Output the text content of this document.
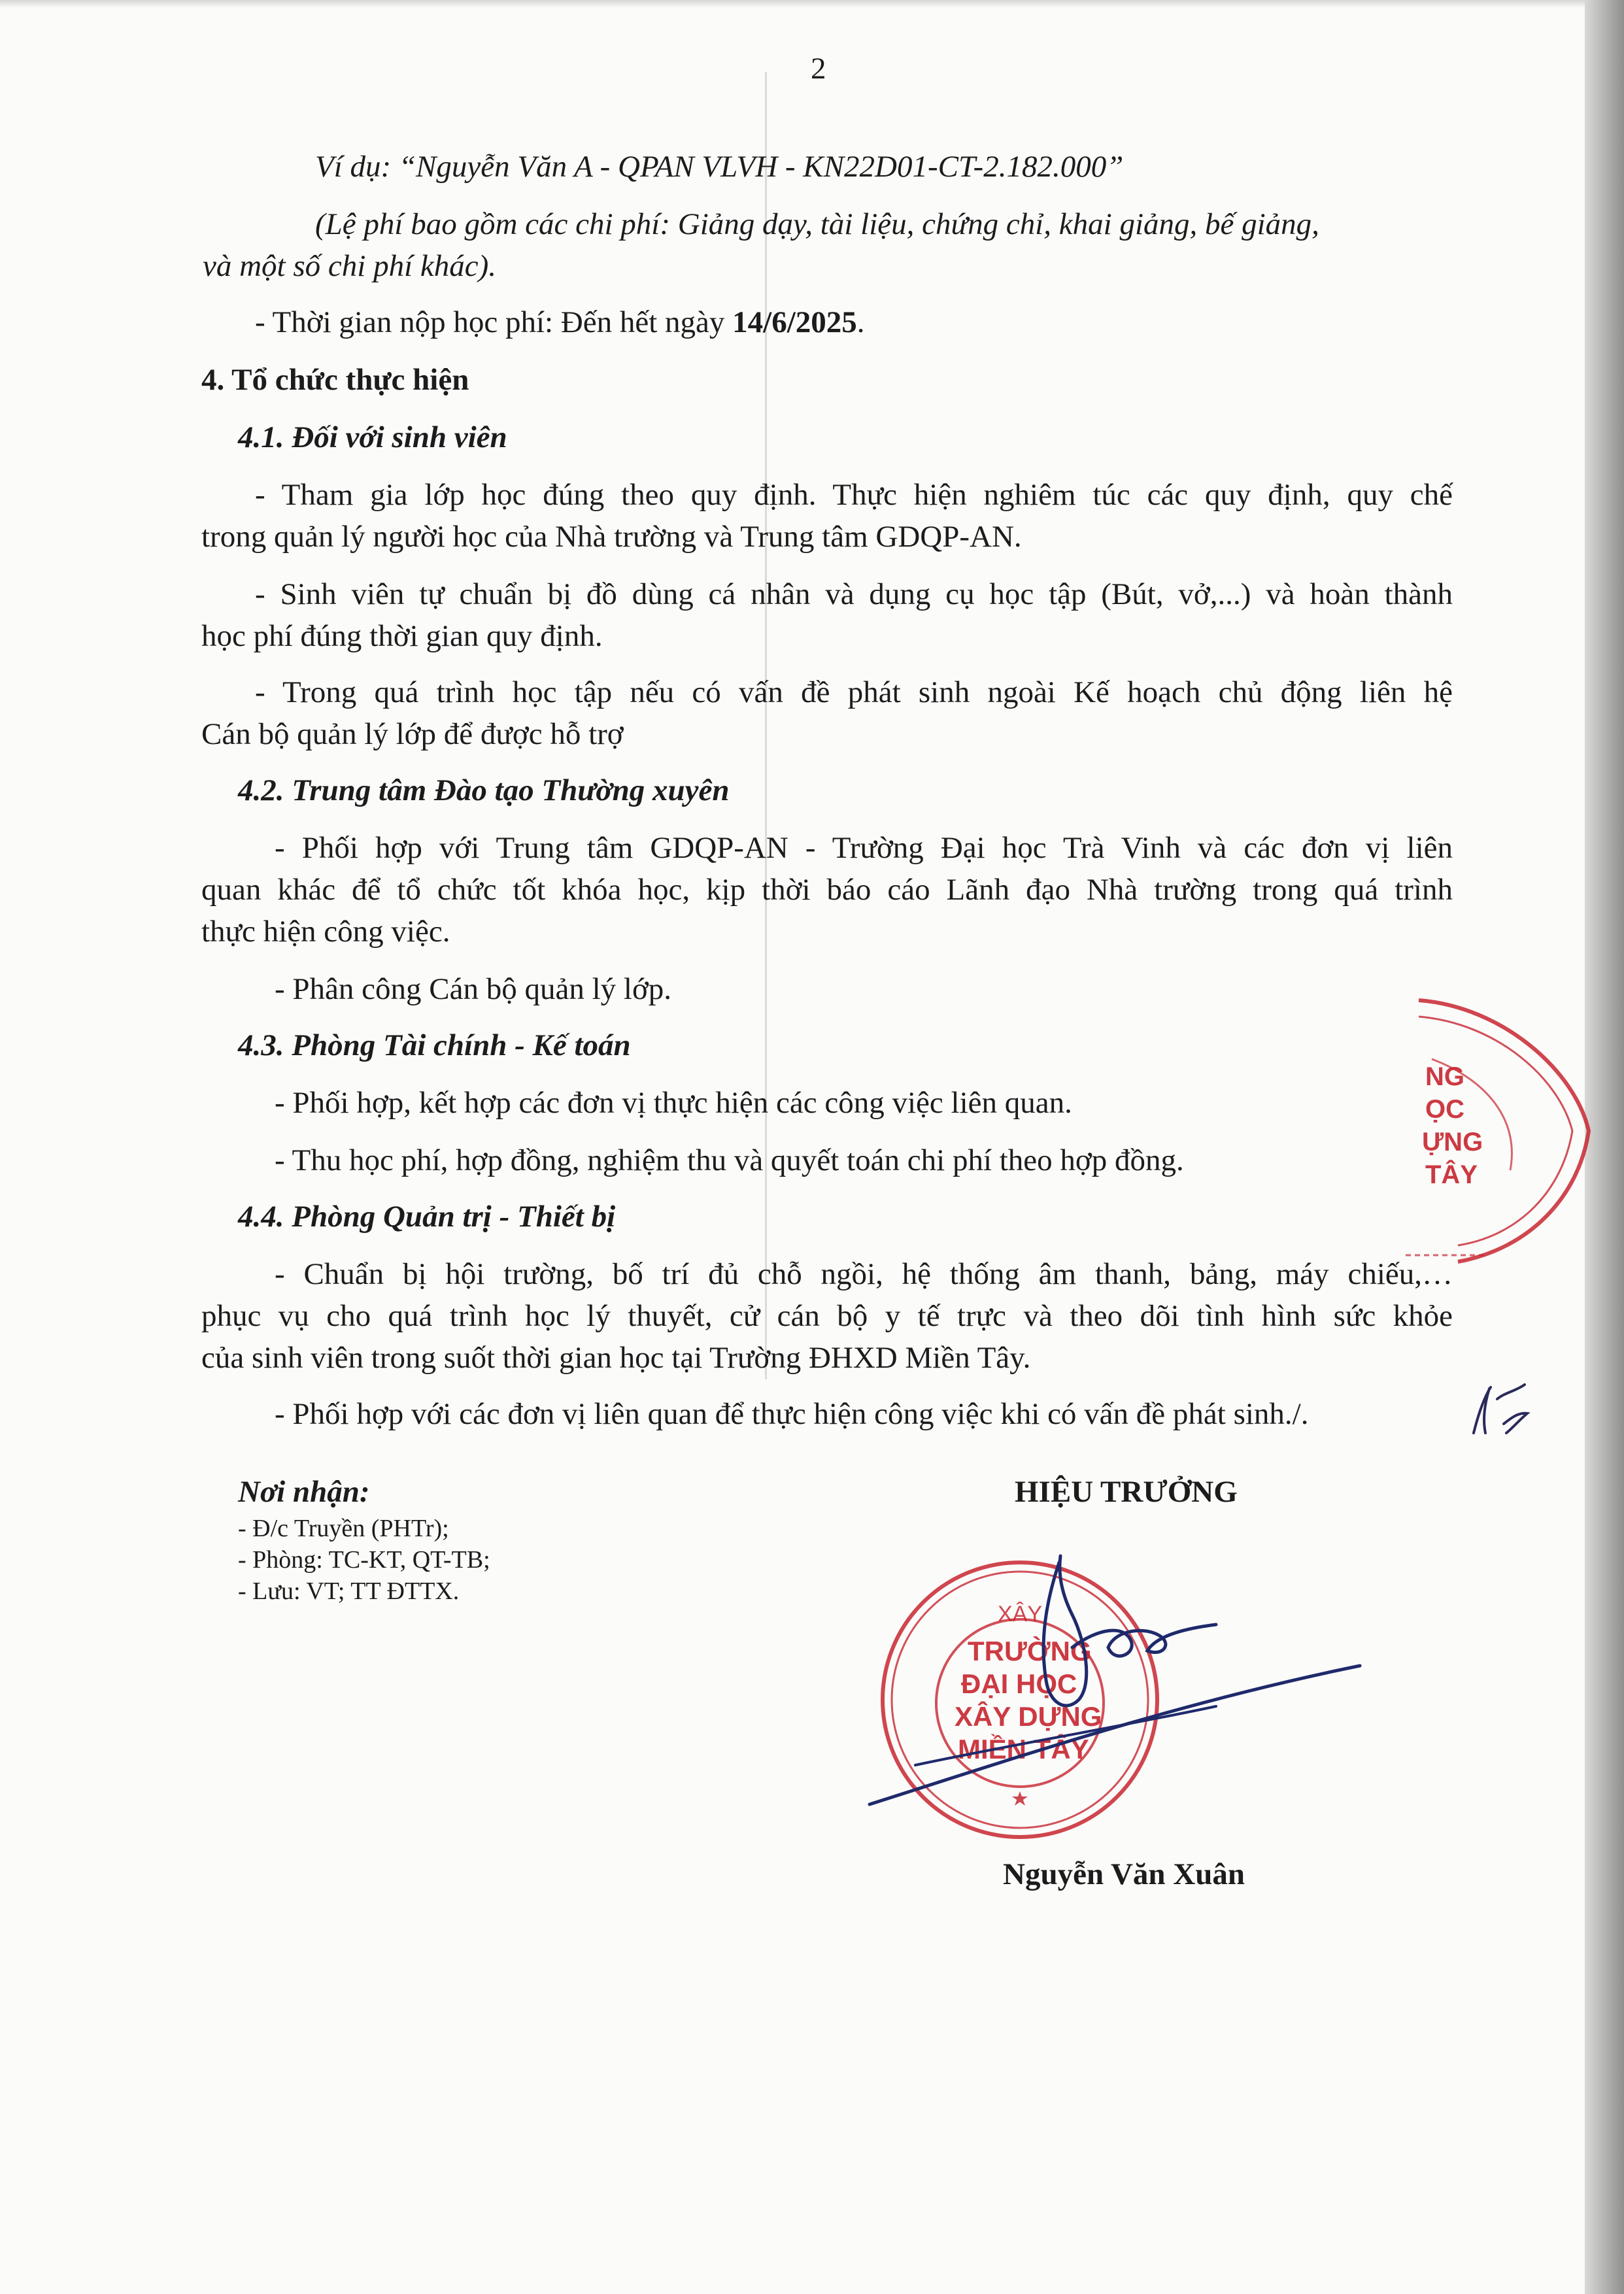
2
Ví dụ: “Nguyễn Văn A - QPAN VLVH - KN22D01-CT-2.182.000”
(Lệ phí bao gồm các chi phí: Giảng dạy, tài liệu, chứng chỉ, khai giảng, bế giảng,
và một số chi phí khác).
- Thời gian nộp học phí: Đến hết ngày 14/6/2025.
4. Tổ chức thực hiện
4.1. Đối với sinh viên
- Tham gia lớp học đúng theo quy định. Thực hiện nghiêm túc các quy định, quy chế
trong quản lý người học của Nhà trường và Trung tâm GDQP-AN.
- Sinh viên tự chuẩn bị đồ dùng cá nhân và dụng cụ học tập (Bút, vở,...) và hoàn thành
học phí đúng thời gian quy định.
- Trong quá trình học tập nếu có vấn đề phát sinh ngoài Kế hoạch chủ động liên hệ
Cán bộ quản lý lớp để được hỗ trợ
4.2. Trung tâm Đào tạo Thường xuyên
- Phối hợp với Trung tâm GDQP-AN - Trường Đại học Trà Vinh và các đơn vị liên
quan khác để tổ chức tốt khóa học, kịp thời báo cáo Lãnh đạo Nhà trường trong quá trình
thực hiện công việc.
- Phân công Cán bộ quản lý lớp.
4.3. Phòng Tài chính - Kế toán
- Phối hợp, kết hợp các đơn vị thực hiện các công việc liên quan.
- Thu học phí, hợp đồng, nghiệm thu và quyết toán chi phí theo hợp đồng.
4.4. Phòng Quản trị - Thiết bị
- Chuẩn bị hội trường, bố trí đủ chỗ ngồi, hệ thống âm thanh, bảng, máy chiếu,…
phục vụ cho quá trình học lý thuyết, cử cán bộ y tế trực và theo dõi tình hình sức khỏe
của sinh viên trong suốt thời gian học tại Trường ĐHXD Miền Tây.
- Phối hợp với các đơn vị liên quan để thực hiện công việc khi có vấn đề phát sinh./.
Nơi nhận:
- Đ/c Truyền (PHTr);
- Phòng: TC-KT, QT-TB;
- Lưu: VT; TT ĐTTX.
HIỆU TRƯỞNG
XÂY
TRƯỜNG
ĐẠI HỌC
XÂY DỰNG
MIỀN TÂY
Nguyễn Văn Xuân
NG
ỌC
ỰNG
TÂY
